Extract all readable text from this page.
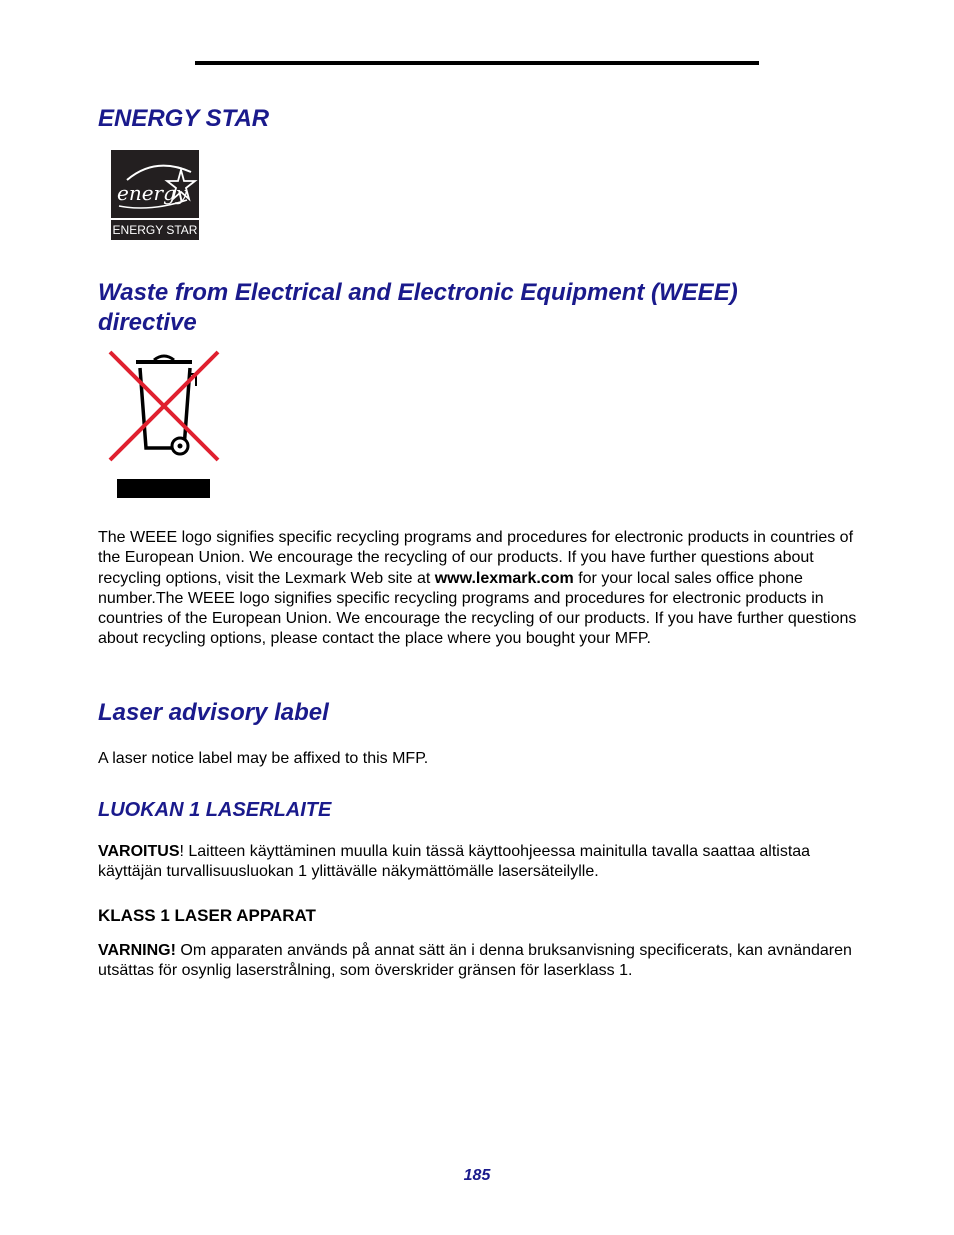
ENERGY STAR
energy
ENERGY STAR
Waste from Electrical and Electronic Equipment (WEEE) directive

The WEEE logo signifies specific recycling programs and procedures for electronic products in countries of the European Union. We encourage the recycling of our products. If you have further questions about recycling options, visit the Lexmark Web site at www.lexmark.com for your local sales office phone number.The WEEE logo signifies specific recycling programs and procedures for electronic products in countries of the European Union. We encourage the recycling of our products. If you have further questions about recycling options, please contact the place where you bought your MFP.

Laser advisory label

A laser notice label may be affixed to this MFP.

LUOKAN 1 LASERLAITE

VAROITUS! Laitteen käyttäminen muulla kuin tässä käyttoohjeessa mainitulla tavalla saattaa altistaa käyttäjän turvallisuusluokan 1 ylittävälle näkymättömälle lasersäteilylle.

KLASS 1 LASER APPARAT

VARNING! Om apparaten används på annat sätt än i denna bruksanvisning specificerats, kan avnändaren utsättas för osynlig laserstrålning, som överskrider gränsen för laserklass 1.

185
